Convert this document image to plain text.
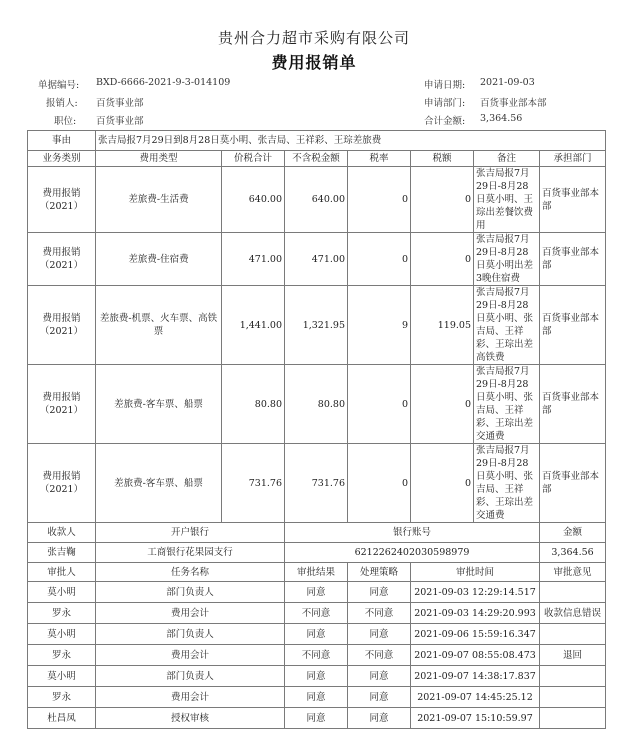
贵州合力超市采购有限公司
费用报销单
单据编号: BXD-6666-2021-9-3-014109	申请日期: 2021-09-03
报销人: 百货事业部	申请部门: 百货事业部本部
职位: 百货事业部	合计金额: 3,364.56
事由	张吉局报7月29日到8月28日莫小明、张吉局、王祥彩、王琮差旅费						
业务类别	费用类型	价税合计	不含税金额	税率	税额	备注	承担部门
费用报销（2021）	差旅费-生活费	640.00	640.00	0	0	张吉局报7月29日-8月28日莫小明、王琮出差餐饮费用	百货事业部本部
费用报销（2021）	差旅费-住宿费	471.00	471.00	0	0	张吉局报7月29日-8月28日莫小明出差3晚住宿费	百货事业部本部
费用报销（2021）	差旅费-机票、火车票、高铁票	1,441.00	1,321.95	9	119.05	张吉局报7月29日-8月28日莫小明、张吉局、王祥彩、王琮出差高铁费	百货事业部本部
费用报销（2021）	差旅费-客车票、船票	80.80	80.80	0	0	张吉局报7月29日-8月28日莫小明、张吉局、王祥彩、王琮出差交通费	百货事业部本部
费用报销（2021）	差旅费-客车票、船票	731.76	731.76	0	0	张吉局报7月29日-8月28日莫小明、张吉局、王祥彩、王琮出差交通费	百货事业部本部
收款人	开户银行		银行账号				金额
张吉鞠	工商银行花果园支行		6212262402030598979				3,364.56
审批人	任务名称		审批结果	处理策略	审批时间		审批意见
莫小明	部门负责人		同意	同意	2021-09-03 12:29:14.517		
罗永	费用会计		不同意	不同意	2021-09-03 14:29:20.993		收款信息错误
莫小明	部门负责人		同意	同意	2021-09-06 15:59:16.347		
罗永	费用会计		不同意	不同意	2021-09-07 08:55:08.473		退回
莫小明	部门负责人		同意	同意	2021-09-07 14:38:17.837		
罗永	费用会计		同意	同意	2021-09-07 14:45:25.12		
杜昌凤	授权审核		同意	同意	2021-09-07 15:10:59.97		
